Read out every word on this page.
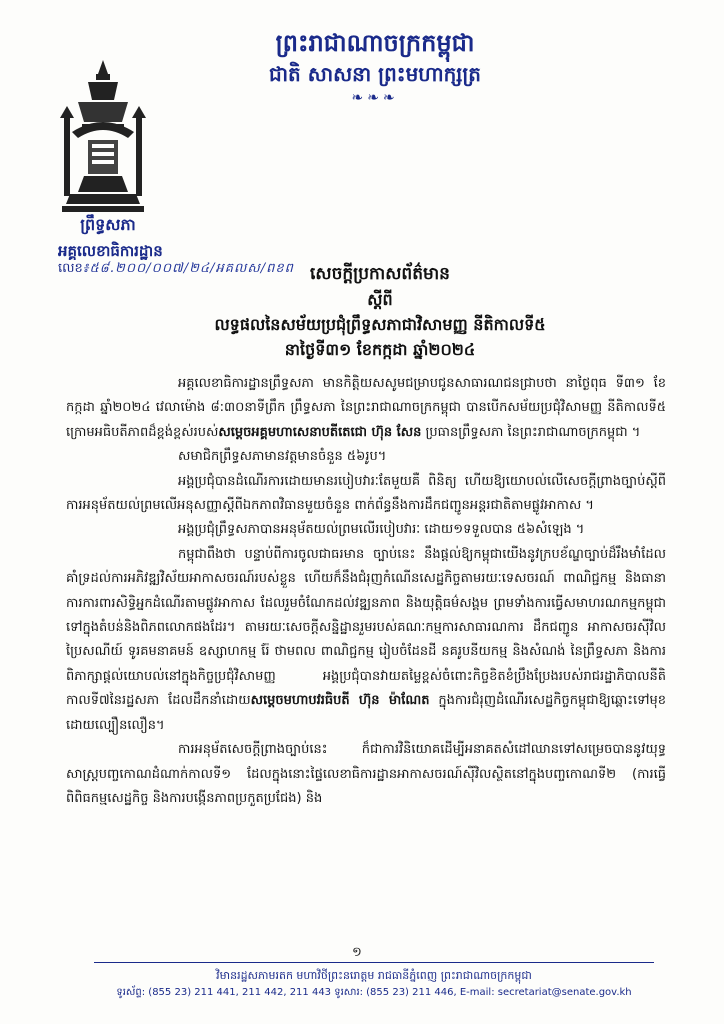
ព្រះរាជាណាចក្រកម្ពុជា
ជាតិ សាសនា ព្រះមហាក្សត្រ
❧❧❧
ព្រឹទ្ធសភា
អគ្គលេខាធិការដ្ឋាន
លេខ៖៥៨.២០០/០០៧/២៤/អគលស/ពខព សេចក្តីប្រកាសព័ត៌មាន
ស្តីពី
លទ្ធផលនៃសម័យប្រជុំព្រឹទ្ធសភាជាវិសាមញ្ញ នីតិកាលទី៥
នាថ្ងៃទី៣១ ខែកក្កដា ឆ្នាំ២០២៤

អគ្គលេខាធិការដ្ឋានព្រឹទ្ធសភា មានកិត្តិយសសូមជម្រាបជូនសាធារណជនជ្រាបថា នាថ្ងៃពុធ ទី៣១ ខែកក្កដា ឆ្នាំ២០២៤ វេលាម៉ោង ៨:៣០នាទីព្រឹក ព្រឹទ្ធសភា នៃព្រះរាជាណាចក្រកម្ពុជា បានបើកសម័យប្រជុំវិសាមញ្ញ នីតិកាលទី៥ ក្រោមអធិបតីភាពដ៏ខ្ពង់ខ្ពស់របស់សម្តេចអគ្គមហាសេនាបតីតេជោ ហ៊ុន សែន ប្រធានព្រឹទ្ធសភា នៃព្រះរាជាណាចក្រកម្ពុជា ។

សមាជិកព្រឹទ្ធសភាមានវត្តមានចំនួន ៥៦រូប។

អង្គប្រជុំបានដំណើរការដោយមានរបៀបវារៈតែមួយគឺ ពិនិត្យ ហើយឱ្យយោបល់លើសេចក្តីព្រាងច្បាប់ស្តីពី ការអនុម័តយល់ព្រមលើអនុសញ្ញាស្តីពីឯកភាពវិធានមួយចំនួន ពាក់ព័ន្ធនឹងការដឹកជញ្ជូនអន្តរជាតិតាមផ្លូវអាកាស ។

អង្គប្រជុំព្រឹទ្ធសភាបានអនុម័តយល់ព្រមលើរបៀបវារៈ ដោយ១ទទួលបាន ៥៦សំឡេង ។

កម្ពុជាពឹងថា បន្ទាប់ពីការចូលជាធរមាន ច្បាប់នេះ នឹងផ្តល់ឱ្យកម្ពុជាយើងនូវក្របខ័ណ្ឌច្បាប់ដ៏រឹងមាំដែលគាំទ្រដល់ការអភិវឌ្ឍវិស័យអាកាសចរណ៍របស់ខ្លួន ហើយក៏នឹងជំរុញកំណើនសេដ្ឋកិច្ចតាមរយៈទេសចរណ៍ ពាណិជ្ជកម្ម និងធានាការការពារសិទ្ធិអ្នកដំណើរតាមផ្លូវអាកាស ដែលរួមចំណែកដល់វឌ្ឍនភាព និងយុត្តិធម៌សង្គម ព្រមទាំងការធ្វើសមាហរណកម្មកម្ពុជាទៅក្នុងតំបន់និងពិភពលោកផងដែរ។ តាមរយៈសេចក្តីសន្និដ្ឋានរួមរបស់គណៈកម្មការសាធារណការ ដឹកជញ្ជូន អាកាសចរស៊ីវិល ប្រៃសណីយ៍ ទូរគមនាគមន៍ ឧស្សាហកម្ម រ៉ែ ថាមពល ពាណិជ្ជកម្ម រៀបចំដែនដី នគរូបនីយកម្ម និងសំណង់ នៃព្រឹទ្ធសភា និងការពិភាក្សាផ្តល់យោបល់នៅក្នុងកិច្ចប្រជុំវិសាមញ្ញ អង្គប្រជុំបានវាយតម្លៃខ្ពស់ចំពោះកិច្ចខិតខំប្រឹងប្រែងរបស់រាជរដ្ឋាភិបាលនីតិកាលទី៧នៃរដ្ឋសភា ដែលដឹកនាំដោយសម្តេចមហាបវរធិបតី ហ៊ុន ម៉ាណែត ក្នុងការជំរុញដំណើរសេដ្ឋកិច្ចកម្ពុជាឱ្យឆ្ពោះទៅមុខដោយល្បឿនលឿន។

ការអនុម័តសេចក្តីព្រាងច្បាប់នេះ ក៏ជាការវិនិយោគដើម្បីអនាគតសំដៅឈានទៅសម្រេចបាននូវយុទ្ធសាស្ត្របញ្ចកោណដំណាក់កាលទី១ ដែលក្នុងនោះផ្ទៃលេខាធិការដ្ឋានអាកាសចរណ៍ស៊ីវិលស្ថិតនៅក្នុងបញ្ចកោណទី២ (ការធ្វើពិពិធកម្មសេដ្ឋកិច្ច និងការបង្កើនភាពប្រកួតប្រជែង) និង

១
វិមានរដ្ឋសភាមរតក មហាវិថីព្រះនរោត្តម រាជធានីភ្នំពេញ ព្រះរាជាណាចក្រកម្ពុជា
ទូរស័ព្ទ: (855 23) 211 441, 211 442, 211 443 ទូរសារ: (855 23) 211 446, E-mail: secretariat@senate.gov.kh
